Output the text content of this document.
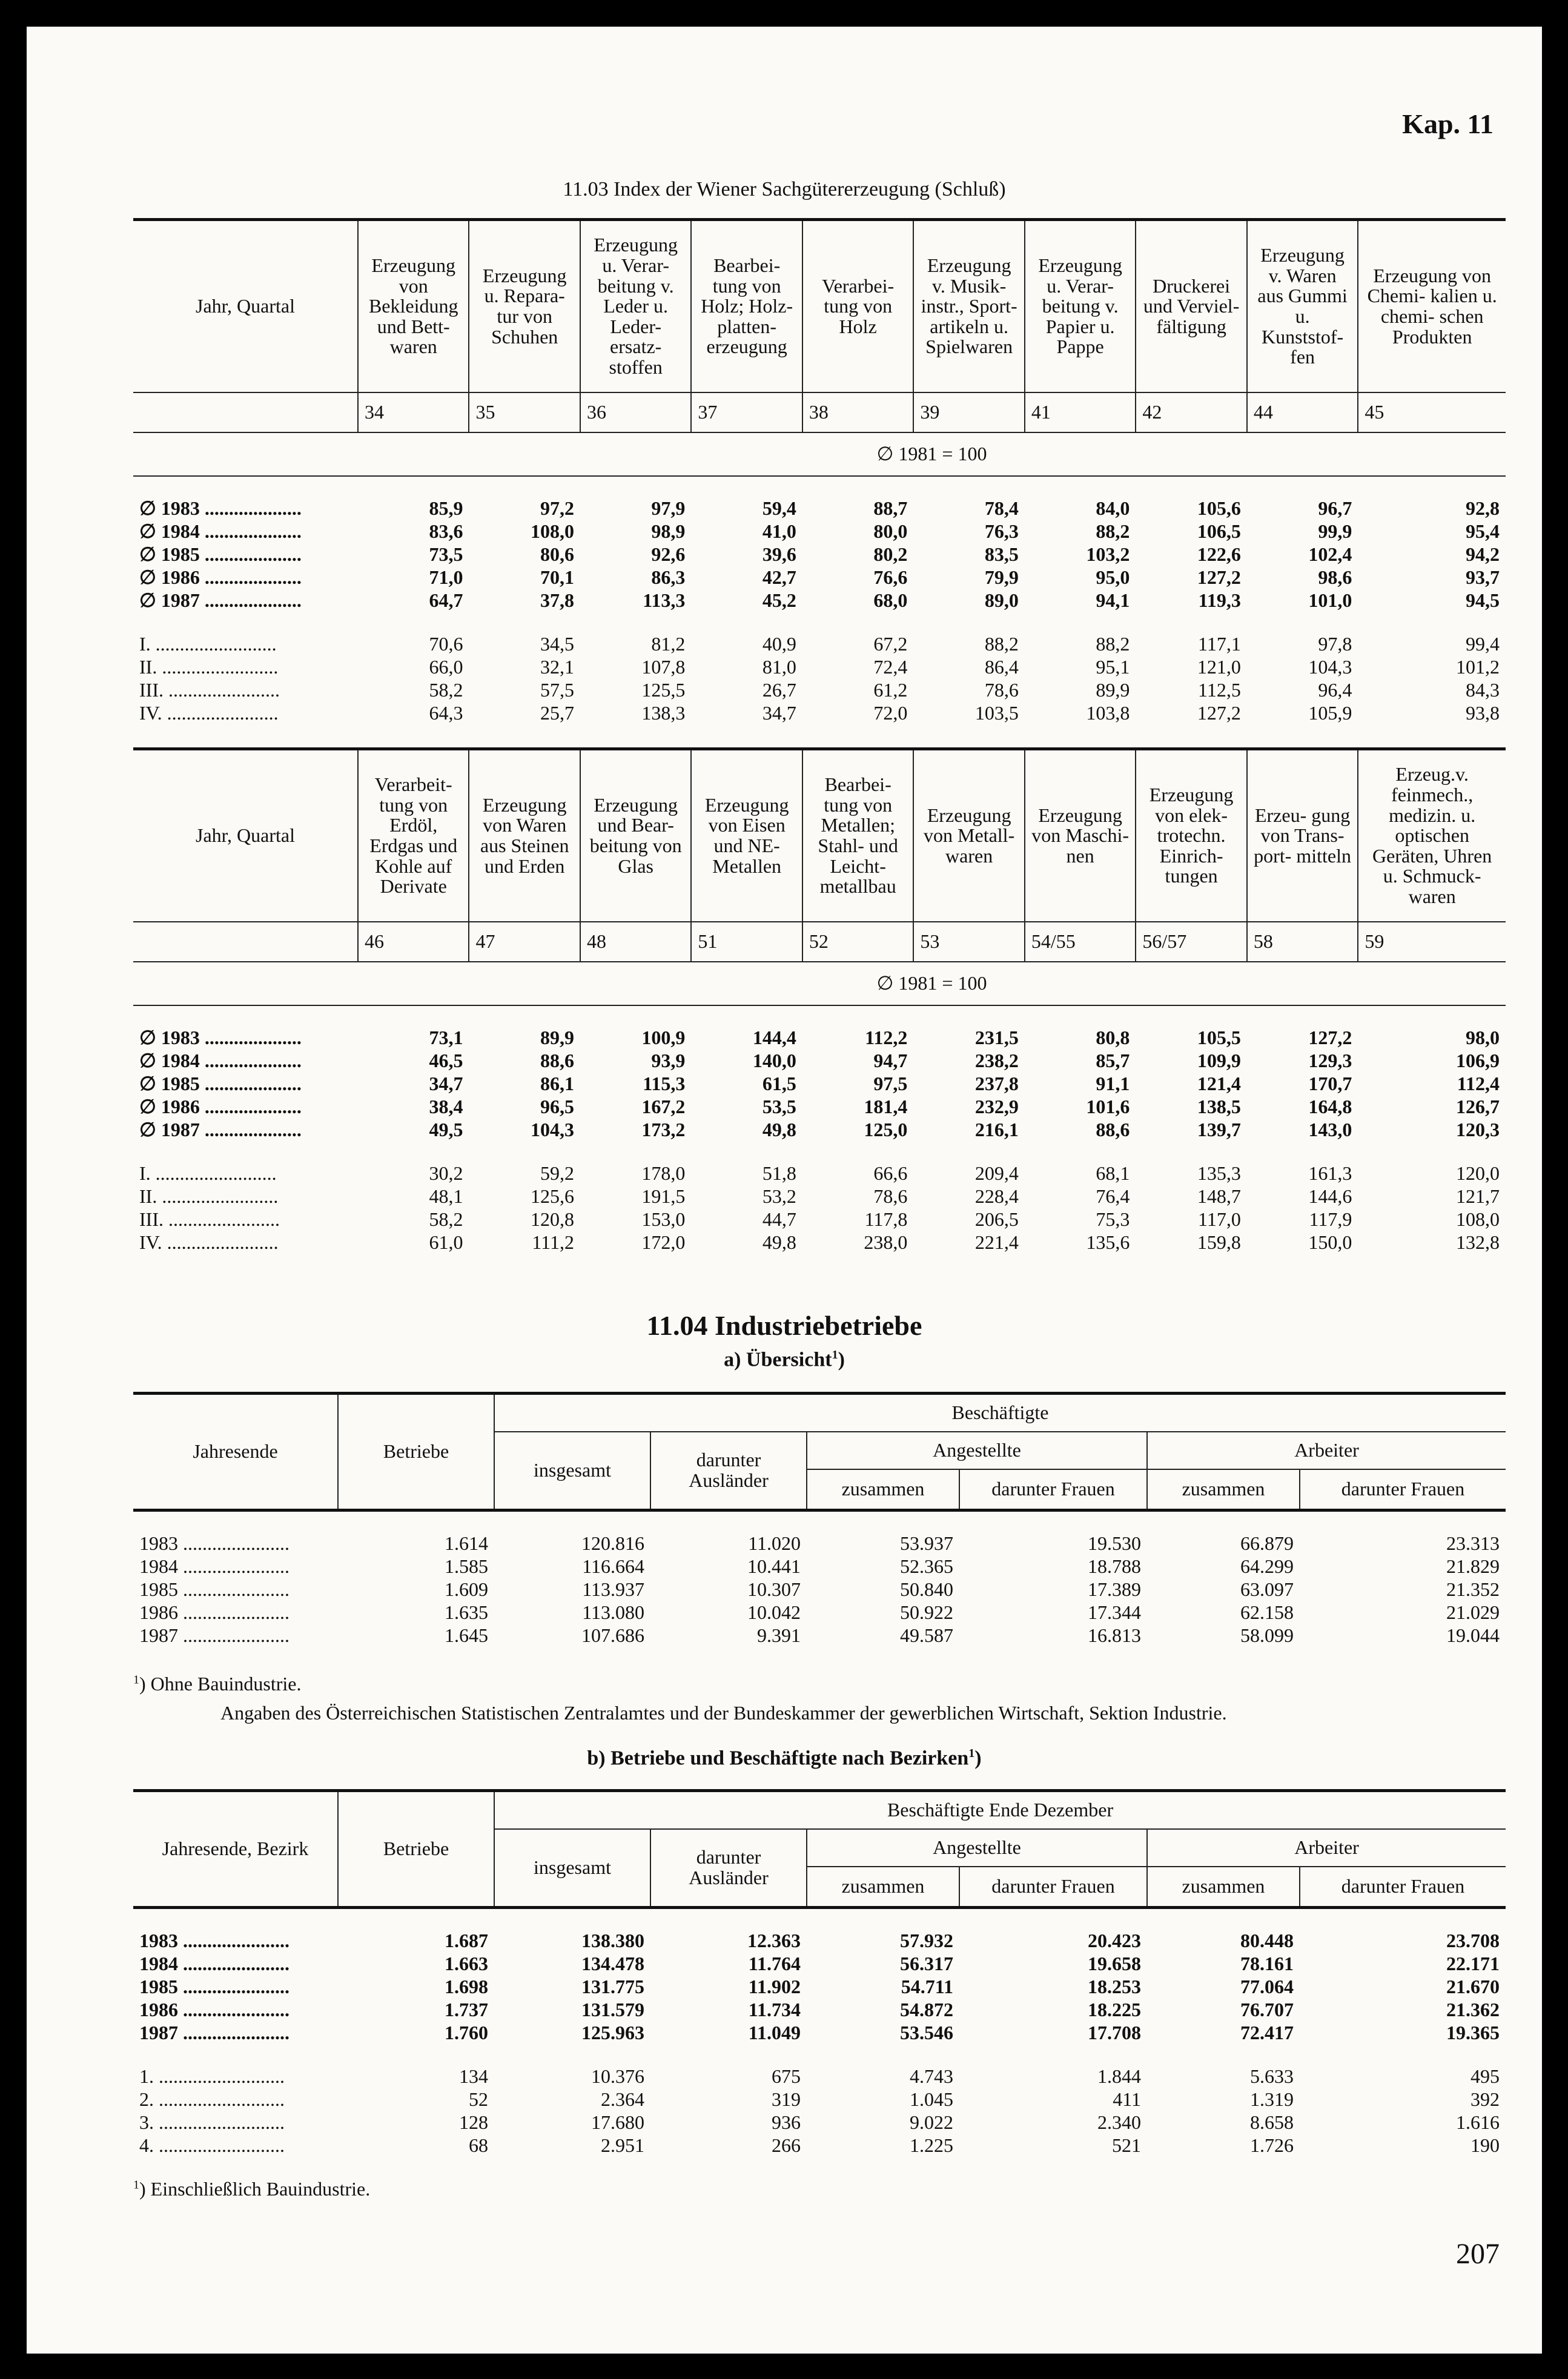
Kap. 11
11.03 Index der Wiener Sachgütererzeugung (Schluß)
Jahr, Quartal	Erzeugung von Bekleidung und Bett- waren	Erzeugung u. Repara- tur von Schuhen	Erzeugung u. Verar- beitung v. Leder u. Leder- ersatz- stoffen	Bearbei- tung von Holz; Holz- platten- erzeugung	Verarbei- tung von Holz	Erzeugung v. Musik- instr., Sport- artikeln u. Spielwaren	Erzeugung u. Verar- beitung v. Papier u. Pappe	Druckerei und Verviel- fältigung	Erzeugung v. Waren aus Gummi u. Kunststof- fen	Erzeugung von Chemi- kalien u. chemi- schen Produkten
	34	35	36	37	38	39	41	42	44	45
	∅ 1981 = 100									

∅ 1983 ....................	85,9	97,2	97,9	59,4	88,7	78,4	84,0	105,6	96,7	92,8
∅ 1984 ....................	83,6	108,0	98,9	41,0	80,0	76,3	88,2	106,5	99,9	95,4
∅ 1985 ....................	73,5	80,6	92,6	39,6	80,2	83,5	103,2	122,6	102,4	94,2
∅ 1986 ....................	71,0	70,1	86,3	42,7	76,6	79,9	95,0	127,2	98,6	93,7
∅ 1987 ....................	64,7	37,8	113,3	45,2	68,0	89,0	94,1	119,3	101,0	94,5

I. .........................	70,6	34,5	81,2	40,9	67,2	88,2	88,2	117,1	97,8	99,4
II. ........................	66,0	32,1	107,8	81,0	72,4	86,4	95,1	121,0	104,3	101,2
III. .......................	58,2	57,5	125,5	26,7	61,2	78,6	89,9	112,5	96,4	84,3
IV. .......................	64,3	25,7	138,3	34,7	72,0	103,5	103,8	127,2	105,9	93,8
Jahr, Quartal	Verarbeit- tung von Erdöl, Erdgas und Kohle auf Derivate	Erzeugung von Waren aus Steinen und Erden	Erzeugung und Bear- beitung von Glas	Erzeugung von Eisen und NE- Metallen	Bearbei- tung von Metallen; Stahl- und Leicht- metallbau	Erzeugung von Metall- waren	Erzeugung von Maschi- nen	Erzeugung von elek- trotechn. Einrich- tungen	Erzeu- gung von Trans- port- mitteln	Erzeug.v. feinmech., medizin. u. optischen Geräten, Uhren u. Schmuck- waren
	46	47	48	51	52	53	54/55	56/57	58	59
	∅ 1981 = 100									

∅ 1983 ....................	73,1	89,9	100,9	144,4	112,2	231,5	80,8	105,5	127,2	98,0
∅ 1984 ....................	46,5	88,6	93,9	140,0	94,7	238,2	85,7	109,9	129,3	106,9
∅ 1985 ....................	34,7	86,1	115,3	61,5	97,5	237,8	91,1	121,4	170,7	112,4
∅ 1986 ....................	38,4	96,5	167,2	53,5	181,4	232,9	101,6	138,5	164,8	126,7
∅ 1987 ....................	49,5	104,3	173,2	49,8	125,0	216,1	88,6	139,7	143,0	120,3

I. .........................	30,2	59,2	178,0	51,8	66,6	209,4	68,1	135,3	161,3	120,0
II. ........................	48,1	125,6	191,5	53,2	78,6	228,4	76,4	148,7	144,6	121,7
III. .......................	58,2	120,8	153,0	44,7	117,8	206,5	75,3	117,0	117,9	108,0
IV. .......................	61,0	111,2	172,0	49,8	238,0	221,4	135,6	159,8	150,0	132,8
11.04 Industriebetriebe
a) Übersicht$^1$)
Jahresende	Betriebe	Beschäftigte					
		insgesamt	darunter Ausländer	Angestellte		Arbeiter	
				zusammen	darunter Frauen	zusammen	darunter Frauen

1983 ......................	1.614	120.816	11.020	53.937	19.530	66.879	23.313
1984 ......................	1.585	116.664	10.441	52.365	18.788	64.299	21.829
1985 ......................	1.609	113.937	10.307	50.840	17.389	63.097	21.352
1986 ......................	1.635	113.080	10.042	50.922	17.344	62.158	21.029
1987 ......................	1.645	107.686	9.391	49.587	16.813	58.099	19.044
$^1$) Ohne Bauindustrie.
Angaben des Österreichischen Statistischen Zentralamtes und der Bundeskammer der gewerblichen Wirtschaft, Sektion Industrie.
b) Betriebe und Beschäftigte nach Bezirken$^1$)
Jahresende, Bezirk	Betriebe	Beschäftigte Ende Dezember					
		insgesamt	darunter Ausländer	Angestellte		Arbeiter	
				zusammen	darunter Frauen	zusammen	darunter Frauen

1983 ......................	1.687	138.380	12.363	57.932	20.423	80.448	23.708
1984 ......................	1.663	134.478	11.764	56.317	19.658	78.161	22.171
1985 ......................	1.698	131.775	11.902	54.711	18.253	77.064	21.670
1986 ......................	1.737	131.579	11.734	54.872	18.225	76.707	21.362
1987 ......................	1.760	125.963	11.049	53.546	17.708	72.417	19.365

1. ..........................	134	10.376	675	4.743	1.844	5.633	495
2. ..........................	52	2.364	319	1.045	411	1.319	392
3. ..........................	128	17.680	936	9.022	2.340	8.658	1.616
4. ..........................	68	2.951	266	1.225	521	1.726	190
$^1$) Einschließlich Bauindustrie.
207
